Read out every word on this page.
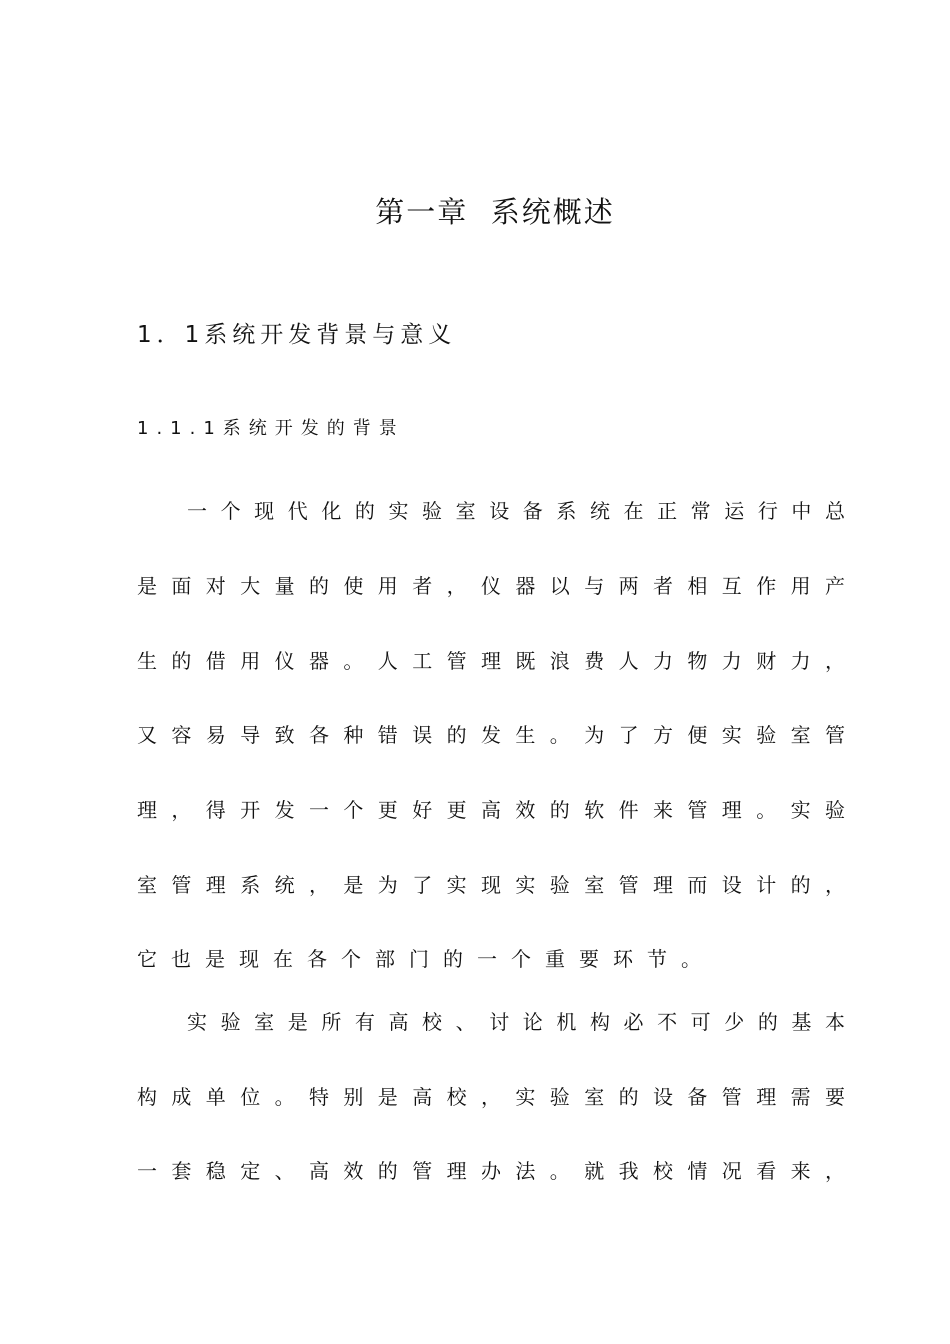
第一章  系统概述
1．1系统开发背景与意义
1.1.1系统开发的背景
一 个 现 代 化 的 实 验 室 设 备 系 统 在 正 常 运 行 中 总
是 面 对 大 量 的 使 用 者 ， 仪 器 以 与 两 者 相 互 作 用 产
生 的 借 用 仪 器 。 人 工 管 理 既 浪 费 人 力 物 力 财 力 ，
又 容 易 导 致 各 种 错 误 的 发 生 。 为 了 方 便 实 验 室 管
理 ， 得 开 发 一 个 更 好 更 高 效 的 软 件 来 管 理 。 实 验
室 管 理 系 统 ， 是 为 了 实 现 实 验 室 管 理 而 设 计 的 ，
它也是现在各个部门的一个重要环节。
实 验 室 是 所 有 高 校 、 讨 论 机 构 必 不 可 少 的 基 本
构 成 单 位 。 特 别 是 高 校 ， 实 验 室 的 设 备 管 理 需 要
一 套 稳 定 、 高 效 的 管 理 办 法 。 就 我 校 情 况 看 来 ，
